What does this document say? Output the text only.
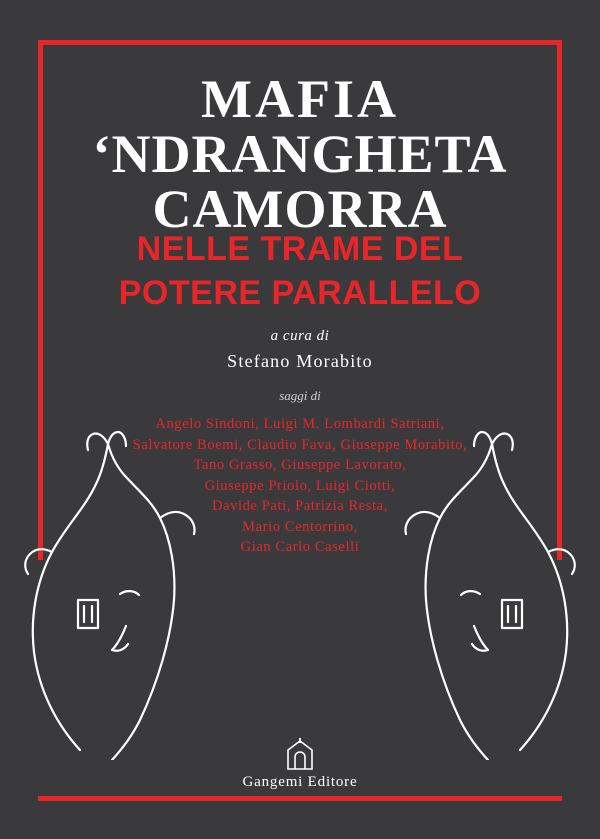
MAFIA

‘NDRANGHETA

CAMORRA

NELLE TRAME DEL

POTERE PARALLELO

a cura di

Stefano Morabito

saggi di

Angelo Sindoni, Luigi M. Lombardi Satriani,

Salvatore Boemi, Claudio Fava, Giuseppe Morabito,

Tano Grasso, Giuseppe Lavorato,

Giuseppe Priolo, Luigi Ciotti,

Davide Pati, Patrizia Resta,

Mario Centorrino,

Gian Carlo Caselli

Gangemi Editore
